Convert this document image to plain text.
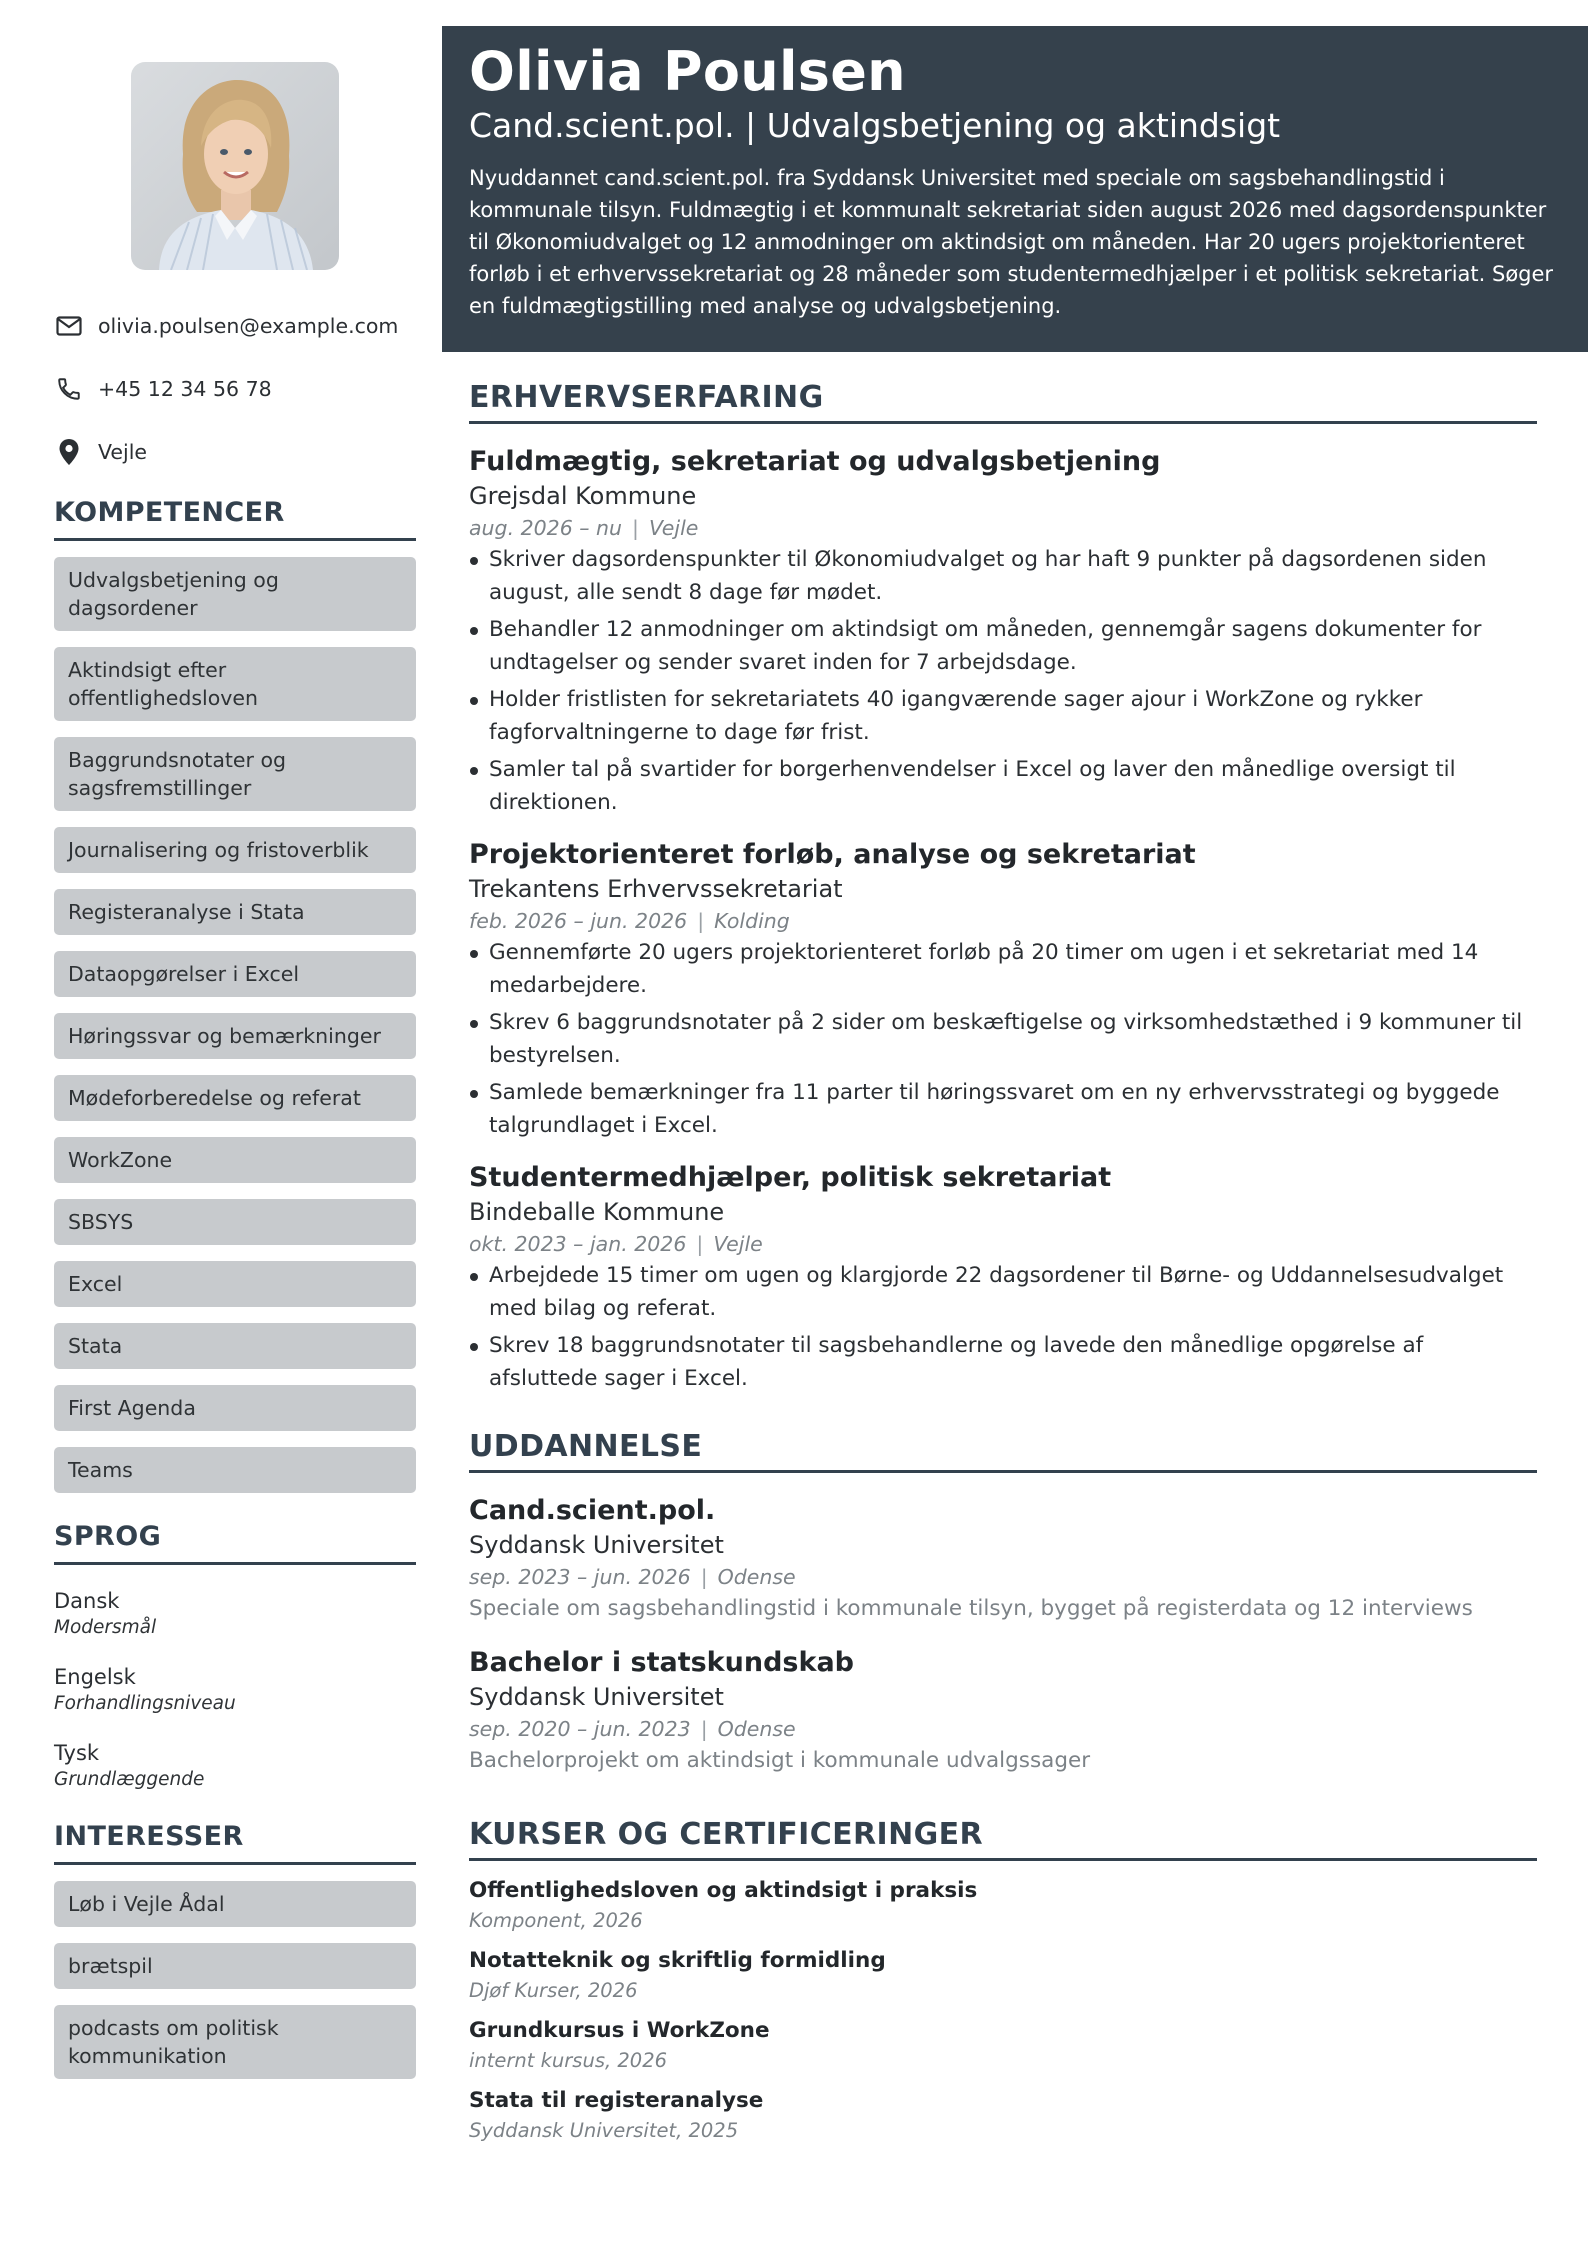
olivia.poulsen@example.com
+45 12 34 56 78
Vejle
KOMPETENCER
Udvalgsbetjening og dagsordener
Aktindsigt efter offentlighedsloven
Baggrundsnotater og sagsfremstillinger
Journalisering og fristoverblik
Registeranalyse i Stata
Dataopgørelser i Excel
Høringssvar og bemærkninger
Mødeforberedelse og referat
WorkZone
SBSYS
Excel
Stata
First Agenda
Teams
SPROG
Dansk
Modersmål
Engelsk
Forhandlingsniveau
Tysk
Grundlæggende
INTERESSER
Løb i Vejle Ådal
brætspil
podcasts om politisk kommunikation
Olivia Poulsen
Cand.scient.pol. | Udvalgsbetjening og aktindsigt

Nyuddannet cand.scient.pol. fra Syddansk Universitet med speciale om sagsbehandlingstid i kommunale tilsyn. Fuldmægtig i et kommunalt sekretariat siden august 2026 med dagsordenspunkter til Økonomiudvalget og 12 anmodninger om aktindsigt om måneden. Har 20 ugers projektorienteret forløb i et erhvervssekretariat og 28 måneder som studentermedhjælper i et politisk sekretariat. Søger en fuldmægtigstilling med analyse og udvalgsbetjening.

ERHVERVSERFARING
Fuldmægtig, sekretariat og udvalgsbetjening
Grejsdal Kommune
aug. 2026 – nu | Vejle
Skriver dagsordenspunkter til Økonomiudvalget og har haft 9 punkter på dagsordenen siden august, alle sendt 8 dage før mødet.
Behandler 12 anmodninger om aktindsigt om måneden, gennemgår sagens dokumenter for undtagelser og sender svaret inden for 7 arbejdsdage.
Holder fristlisten for sekretariatets 40 igangværende sager ajour i WorkZone og rykker fagforvaltningerne to dage før frist.
Samler tal på svartider for borgerhenvendelser i Excel og laver den månedlige oversigt til direktionen.
Projektorienteret forløb, analyse og sekretariat
Trekantens Erhvervssekretariat
feb. 2026 – jun. 2026 | Kolding
Gennemførte 20 ugers projektorienteret forløb på 20 timer om ugen i et sekretariat med 14 medarbejdere.
Skrev 6 baggrundsnotater på 2 sider om beskæftigelse og virksomhedstæthed i 9 kommuner til bestyrelsen.
Samlede bemærkninger fra 11 parter til høringssvaret om en ny erhvervsstrategi og byggede talgrundlaget i Excel.
Studentermedhjælper, politisk sekretariat
Bindeballe Kommune
okt. 2023 – jan. 2026 | Vejle
Arbejdede 15 timer om ugen og klargjorde 22 dagsordener til Børne- og Uddannelsesudvalget med bilag og referat.
Skrev 18 baggrundsnotater til sagsbehandlerne og lavede den månedlige opgørelse af afsluttede sager i Excel.
UDDANNELSE
Cand.scient.pol.
Syddansk Universitet
sep. 2023 – jun. 2026 | Odense
Speciale om sagsbehandlingstid i kommunale tilsyn, bygget på registerdata og 12 interviews
Bachelor i statskundskab
Syddansk Universitet
sep. 2020 – jun. 2023 | Odense
Bachelorprojekt om aktindsigt i kommunale udvalgssager
KURSER OG CERTIFICERINGER
Offentlighedsloven og aktindsigt i praksis
Komponent, 2026
Notatteknik og skriftlig formidling
Djøf Kurser, 2026
Grundkursus i WorkZone
internt kursus, 2026
Stata til registeranalyse
Syddansk Universitet, 2025
